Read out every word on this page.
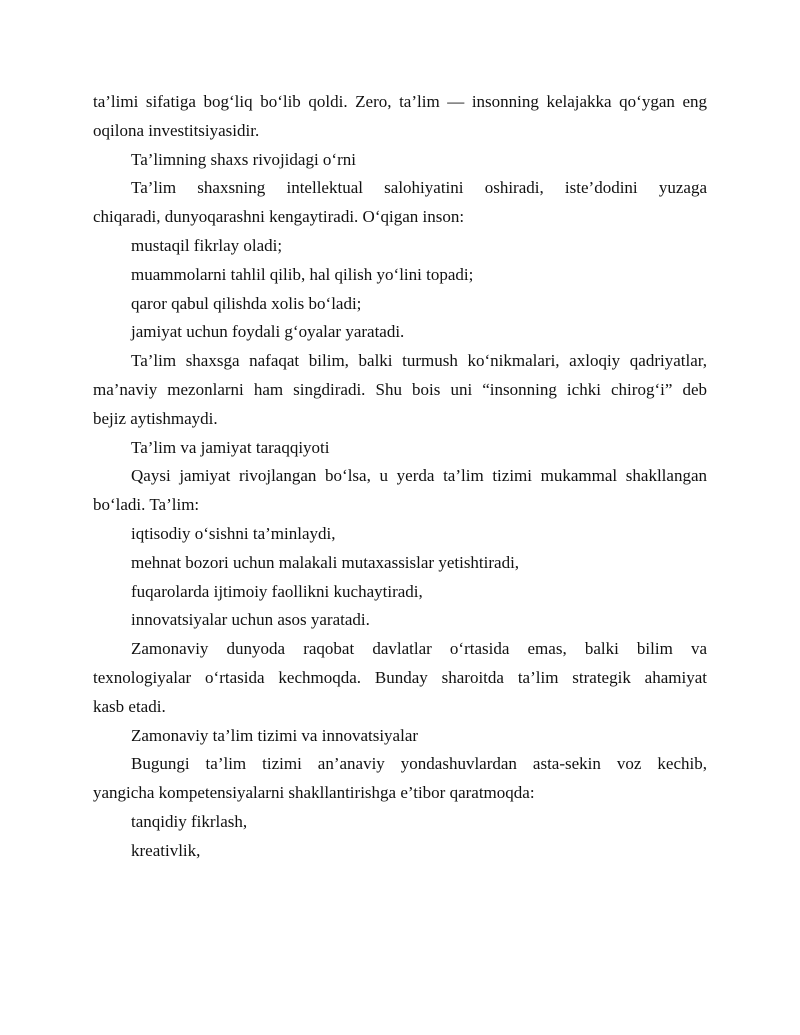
ta’limi sifatiga bog‘liq bo‘lib qoldi. Zero, ta’lim — insonning kelajakka qo‘ygan eng
oqilona investitsiyasidir.
Ta’limning shaxs rivojidagi o‘rni
Ta’lim shaxsning intellektual salohiyatini oshiradi, iste’dodini yuzaga
chiqaradi, dunyoqarashni kengaytiradi. O‘qigan inson:
mustaqil fikrlay oladi;
muammolarni tahlil qilib, hal qilish yo‘lini topadi;
qaror qabul qilishda xolis bo‘ladi;
jamiyat uchun foydali g‘oyalar yaratadi.
Ta’lim shaxsga nafaqat bilim, balki turmush ko‘nikmalari, axloqiy qadriyatlar,
ma’naviy mezonlarni ham singdiradi. Shu bois uni “insonning ichki chirog‘i” deb
bejiz aytishmaydi.
Ta’lim va jamiyat taraqqiyoti
Qaysi jamiyat rivojlangan bo‘lsa, u yerda ta’lim tizimi mukammal shakllangan
bo‘ladi. Ta’lim:
iqtisodiy o‘sishni ta’minlaydi,
mehnat bozori uchun malakali mutaxassislar yetishtiradi,
fuqarolarda ijtimoiy faollikni kuchaytiradi,
innovatsiyalar uchun asos yaratadi.
Zamonaviy dunyoda raqobat davlatlar o‘rtasida emas, balki bilim va
texnologiyalar o‘rtasida kechmoqda. Bunday sharoitda ta’lim strategik ahamiyat
kasb etadi.
Zamonaviy ta’lim tizimi va innovatsiyalar
Bugungi ta’lim tizimi an’anaviy yondashuvlardan asta-sekin voz kechib,
yangicha kompetensiyalarni shakllantirishga e’tibor qaratmoqda:
tanqidiy fikrlash,
kreativlik,
